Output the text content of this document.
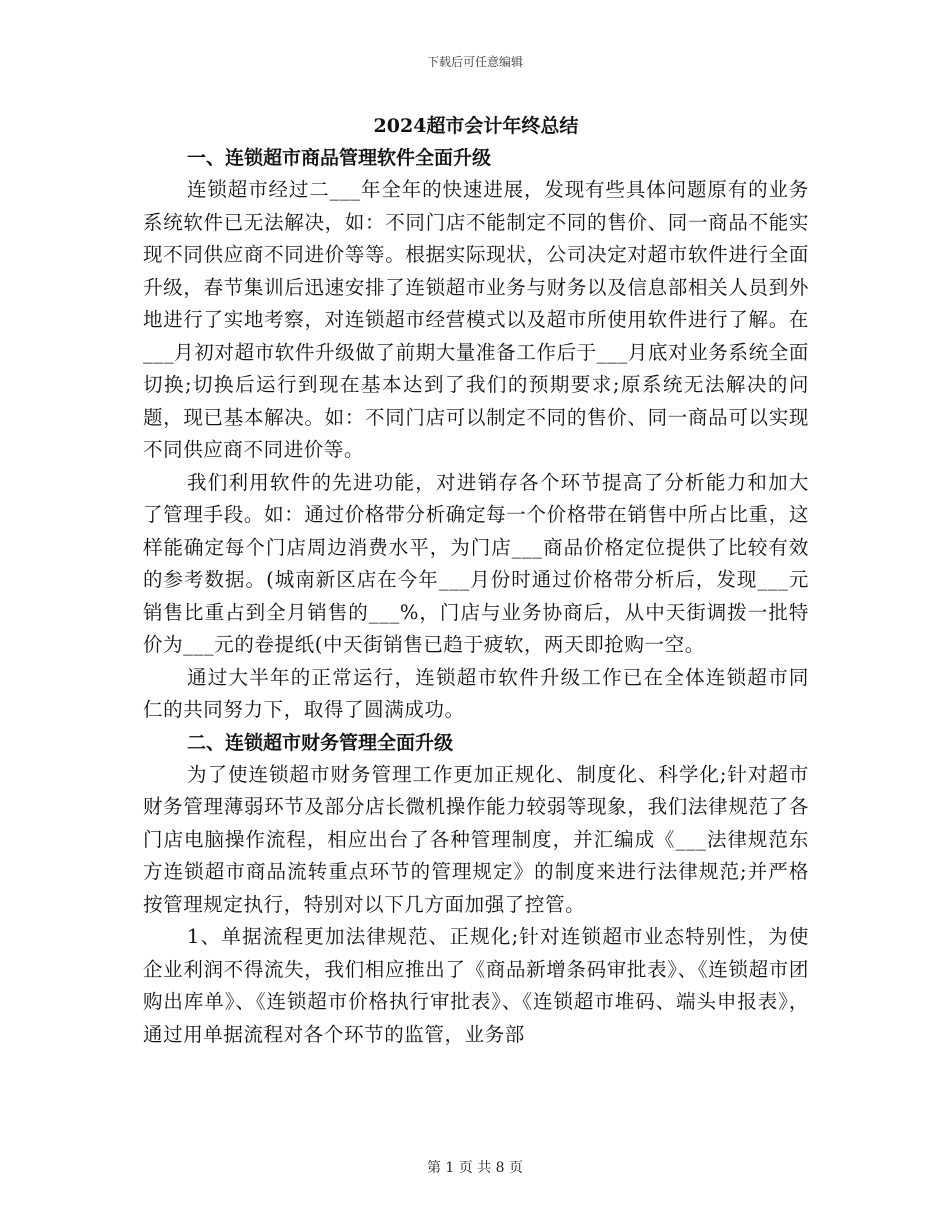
下载后可任意编辑
2024超市会计年终总结
一、连锁超市商品管理软件全面升级

连锁超市经过二___年全年的快速进展，发现有些具体问题原有的业务系统软件已无法解决，如：不同门店不能制定不同的售价、同一商品不能实现不同供应商不同进价等等。根据实际现状，公司决定对超市软件进行全面升级，春节集训后迅速安排了连锁超市业务与财务以及信息部相关人员到外地进行了实地考察，对连锁超市经营模式以及超市所使用软件进行了解。在___月初对超市软件升级做了前期大量准备工作后于___月底对业务系统全面切换;切换后运行到现在基本达到了我们的预期要求;原系统无法解决的问题，现已基本解决。如：不同门店可以制定不同的售价、同一商品可以实现不同供应商不同进价等。

我们利用软件的先进功能，对进销存各个环节提高了分析能力和加大了管理手段。如：通过价格带分析确定每一个价格带在销售中所占比重，这样能确定每个门店周边消费水平，为门店___商品价格定位提供了比较有效的参考数据。(城南新区店在今年___月份时通过价格带分析后，发现___元销售比重占到全月销售的___%，门店与业务协商后，从中天街调拨一批特价为___元的卷提纸(中天街销售已趋于疲软，两天即抢购一空。

通过大半年的正常运行，连锁超市软件升级工作已在全体连锁超市同仁的共同努力下，取得了圆满成功。

二、连锁超市财务管理全面升级

为了使连锁超市财务管理工作更加正规化、制度化、科学化;针对超市财务管理薄弱环节及部分店长微机操作能力较弱等现象，我们法律规范了各门店电脑操作流程，相应出台了各种管理制度，并汇编成《___法律规范东方连锁超市商品流转重点环节的管理规定》的制度来进行法律规范;并严格按管理规定执行，特别对以下几方面加强了控管。

1、单据流程更加法律规范、正规化;针对连锁超市业态特别性，为使企业利润不得流失，我们相应推出了《商品新增条码审批表》、《连锁超市团购出库单》、《连锁超市价格执行审批表》、《连锁超市堆码、端头申报表》，通过用单据流程对各个环节的监管，业务部

第 1 页 共 8 页
